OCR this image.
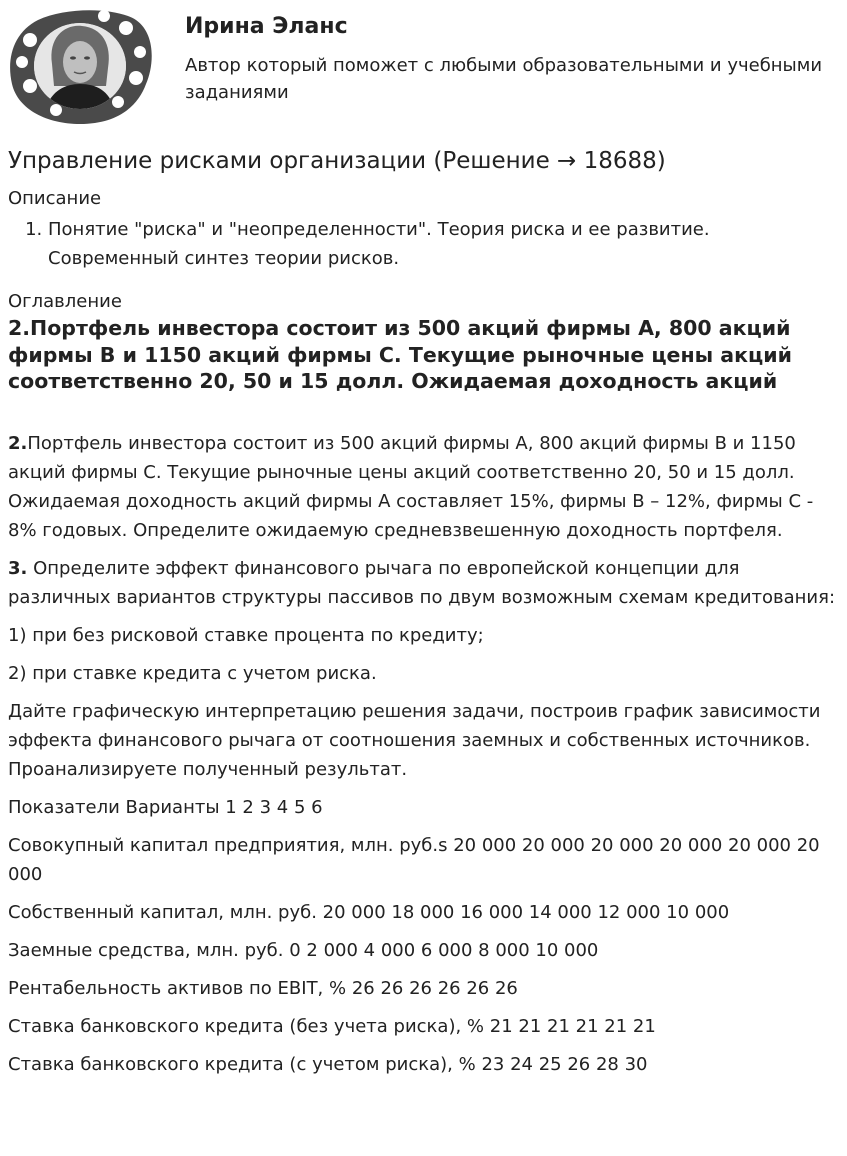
Ирина Эланс
Автор который поможет с любыми образовательными и учебными заданиями
Управление рисками организации (Решение → 18688)
Описание
1. Понятие "риска" и "неопределенности". Теория риска и ее развитие. Современный синтез теории рисков.
Оглавление
2.Портфель инвестора состоит из 500 акций фирмы А, 800 акций фирмы В и 1150 акций фирмы С. Текущие рыночные цены акций соответственно 20, 50 и 15 долл. Ожидаемая доходность акций

2.Портфель инвестора состоит из 500 акций фирмы А, 800 акций фирмы В и 1150 акций фирмы С. Текущие рыночные цены акций соответственно 20, 50 и 15 долл. Ожидаемая доходность акций фирмы А составляет 15%, фирмы В – 12%, фирмы С - 8% годовых. Определите ожидаемую средневзвешенную доходность портфеля.

3. Определите эффект финансового рычага по европейской концепции для различных вариантов структуры пассивов по двум возможным схемам кредитования:

1) при без рисковой ставке процента по кредиту;

2) при ставке кредита с учетом риска.

Дайте графическую интерпретацию решения задачи, построив график зависимости эффекта финансового рычага от соотношения заемных и собственных источников. Проанализируете полученный результат.

Показатели Варианты 1 2 3 4 5 6

Совокупный капитал предприятия, млн. руб.s 20 000 20 000 20 000 20 000 20 000 20 000

Собственный капитал, млн. руб. 20 000 18 000 16 000 14 000 12 000 10 000

Заемные средства, млн. руб. 0 2 000 4 000 6 000 8 000 10 000

Рентабельность активов по EBIT, % 26 26 26 26 26 26

Ставка банковского кредита (без учета риска), % 21 21 21 21 21 21

Ставка банковского кредита (с учетом риска), % 23 24 25 26 28 30
